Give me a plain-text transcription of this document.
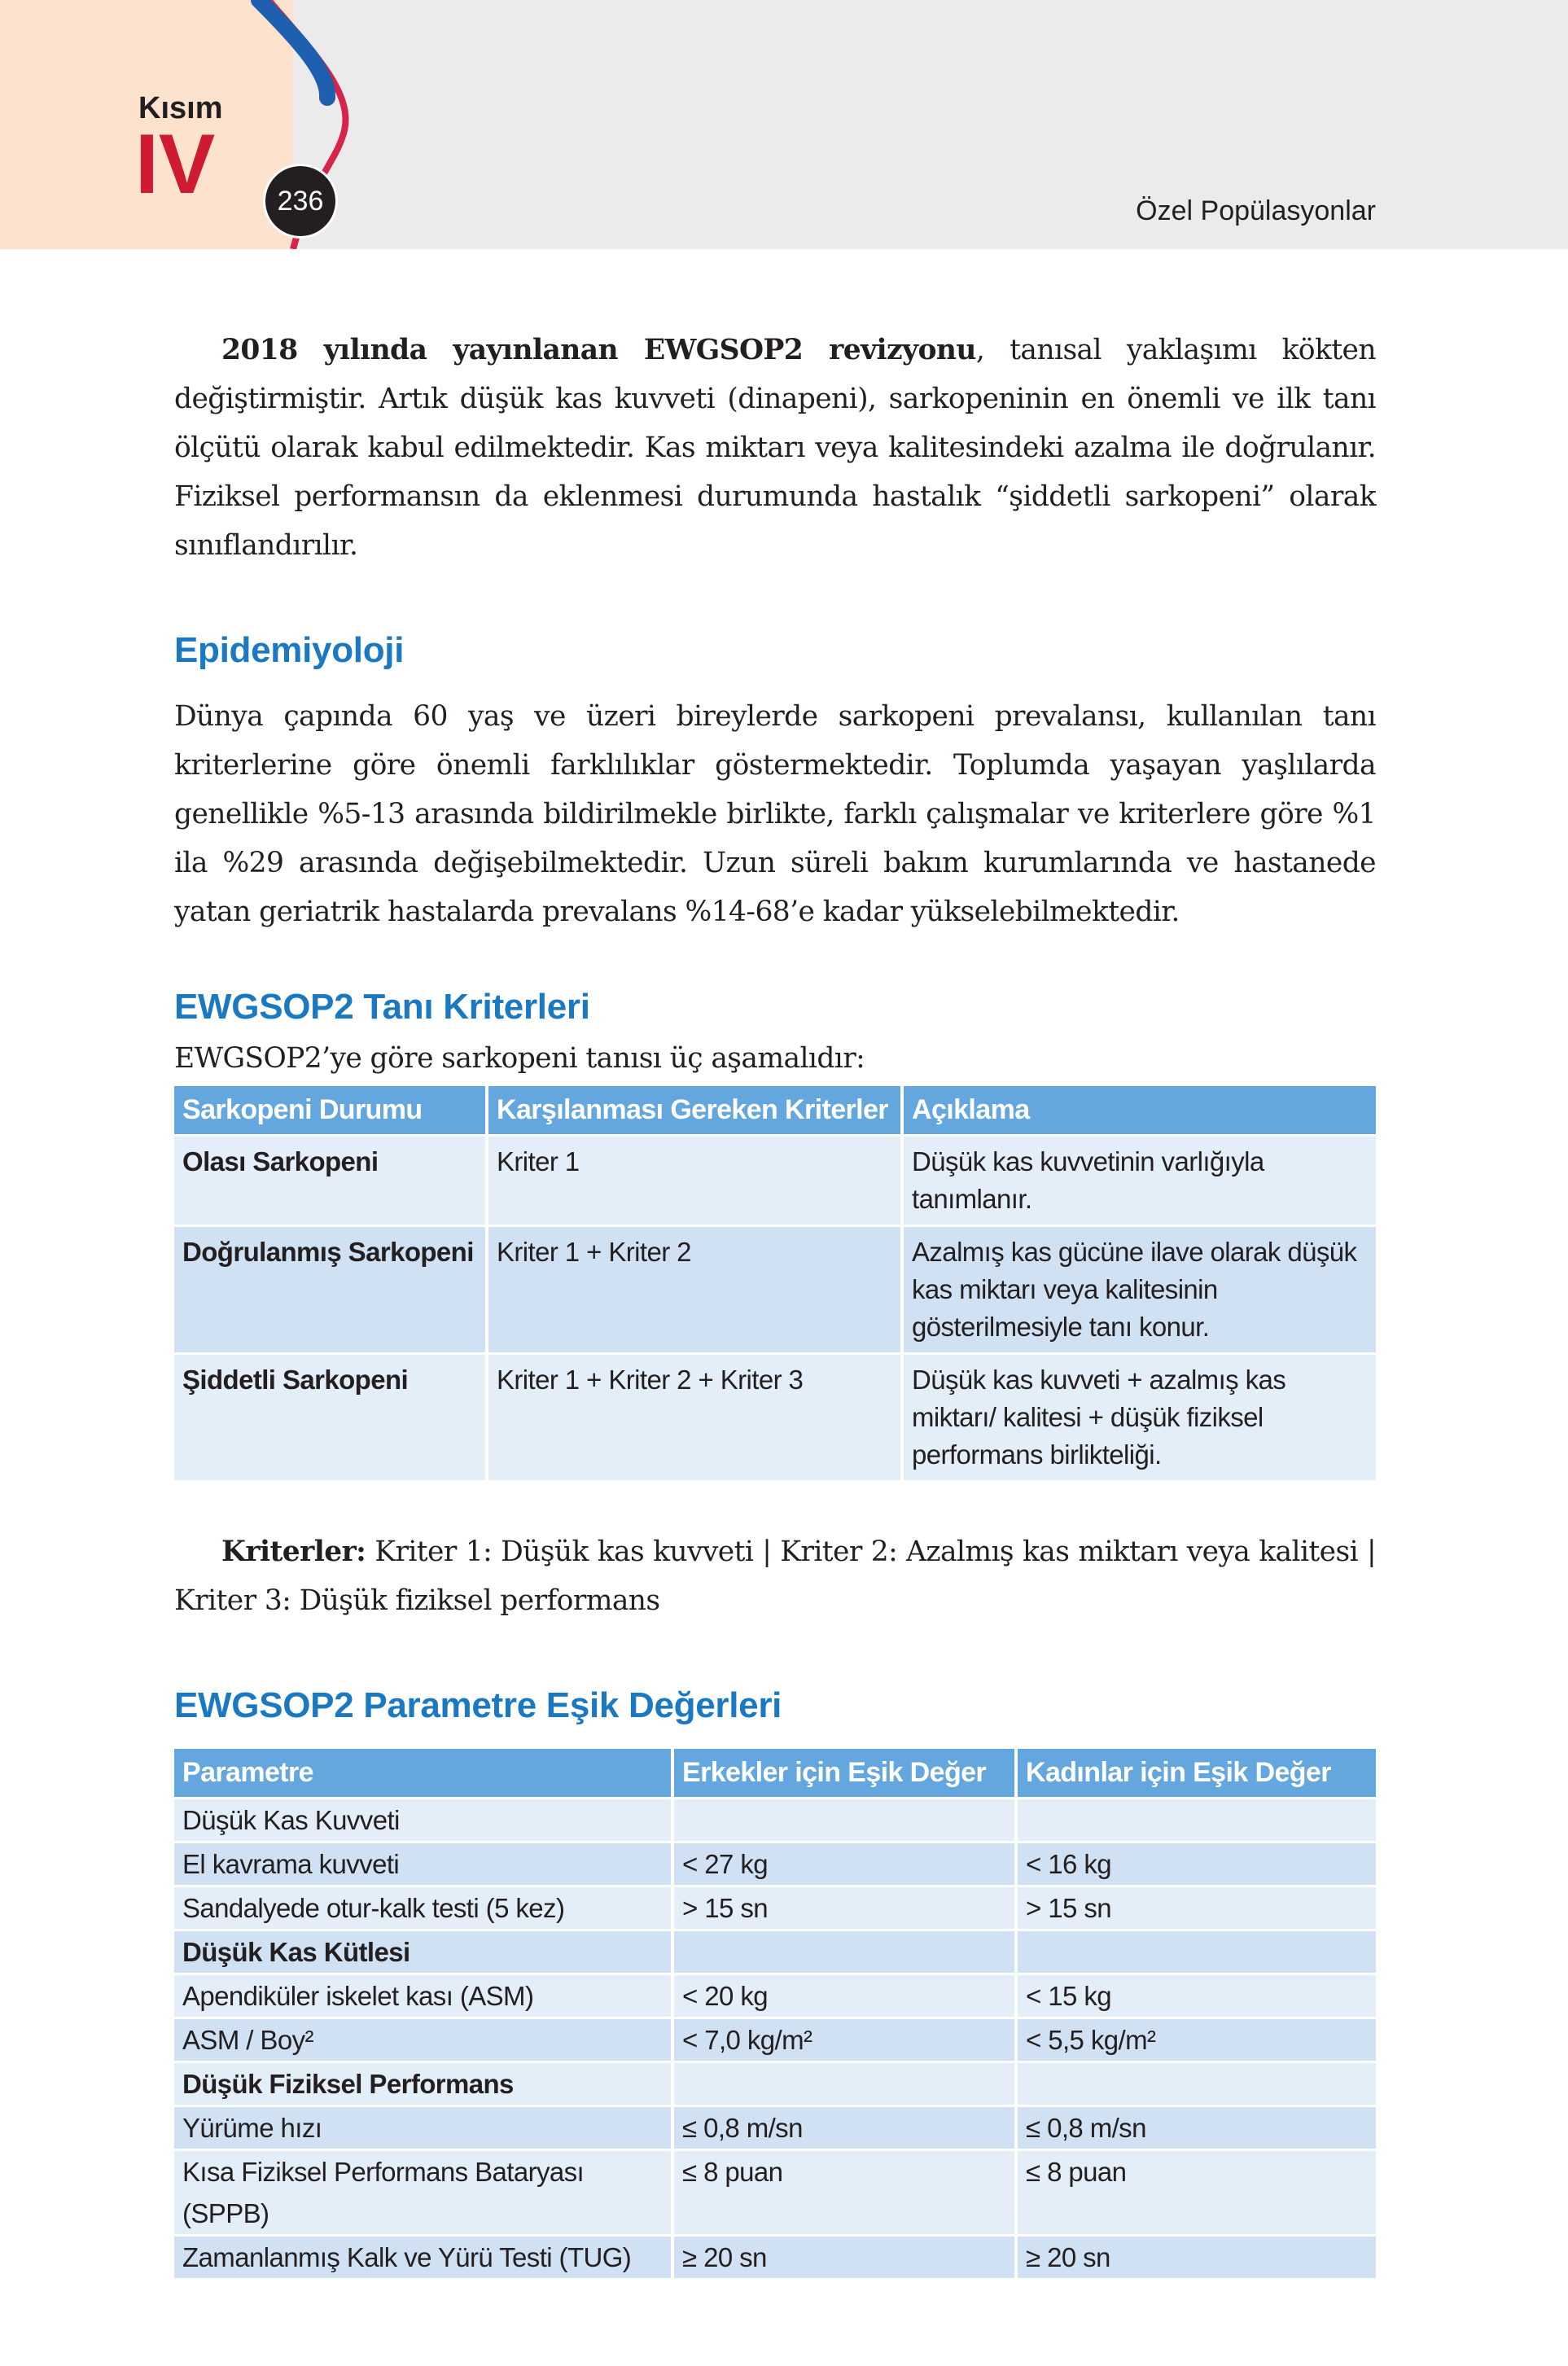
Kısım
IV	236	Özel Popülasyonlar

2018 yılında yayınlanan EWGSOP2 revizyonu, tanısal yaklaşımı kökten değiştirmiştir. Artık düşük kas kuvveti (dinapeni), sarkopeninin en önemli ve ilk tanı ölçütü olarak kabul edilmektedir. Kas miktarı veya kalitesindeki azalma ile doğrulanır. Fiziksel performansın da eklenmesi durumunda hastalık “şiddetli sarkopeni” olarak sınıflandırılır.

Epidemiyoloji

Dünya çapında 60 yaş ve üzeri bireylerde sarkopeni prevalansı, kullanılan tanı kriterlerine göre önemli farklılıklar göstermektedir. Toplumda yaşayan yaşlılarda genellikle %5-13 arasında bildirilmekle birlikte, farklı çalışmalar ve kriterlere göre %1 ila %29 arasında değişebilmektedir. Uzun süreli bakım kurumlarında ve hastanede yatan geriatrik hastalarda prevalans %14-68’e kadar yükselebilmektedir.

EWGSOP2 Tanı Kriterleri

EWGSOP2’ye göre sarkopeni tanısı üç aşamalıdır:

Sarkopeni Durumu	Karşılanması Gereken Kriterler	Açıklama
Olası Sarkopeni	Kriter 1	Düşük kas kuvvetinin varlığıyla tanımlanır.
Doğrulanmış Sarkopeni	Kriter 1 + Kriter 2	Azalmış kas gücüne ilave olarak düşük kas miktarı veya kalitesinin gösterilmesiyle tanı konur.
Şiddetli Sarkopeni	Kriter 1 + Kriter 2 + Kriter 3	Düşük kas kuvveti + azalmış kas miktarı/ kalitesi + düşük fiziksel performans birlikteliği.

Kriterler: Kriter 1: Düşük kas kuvveti | Kriter 2: Azalmış kas miktarı veya kalitesi | Kriter 3: Düşük fiziksel performans

EWGSOP2 Parametre Eşik Değerleri
Parametre	Erkekler için Eşik Değer	Kadınlar için Eşik Değer
Düşük Kas Kuvveti		
El kavrama kuvveti	< 27 kg	< 16 kg
Sandalyede otur-kalk testi (5 kez)	> 15 sn	> 15 sn
Düşük Kas Kütlesi		
Apendiküler iskelet kası (ASM)	< 20 kg	< 15 kg
ASM / Boy²	< 7,0 kg/m²	< 5,5 kg/m²
Düşük Fiziksel Performans		
Yürüme hızı	≤ 0,8 m/sn	≤ 0,8 m/sn
Kısa Fiziksel Performans Bataryası (SPPB)	≤ 8 puan	≤ 8 puan
Zamanlanmış Kalk ve Yürü Testi (TUG)	≥ 20 sn	≥ 20 sn
